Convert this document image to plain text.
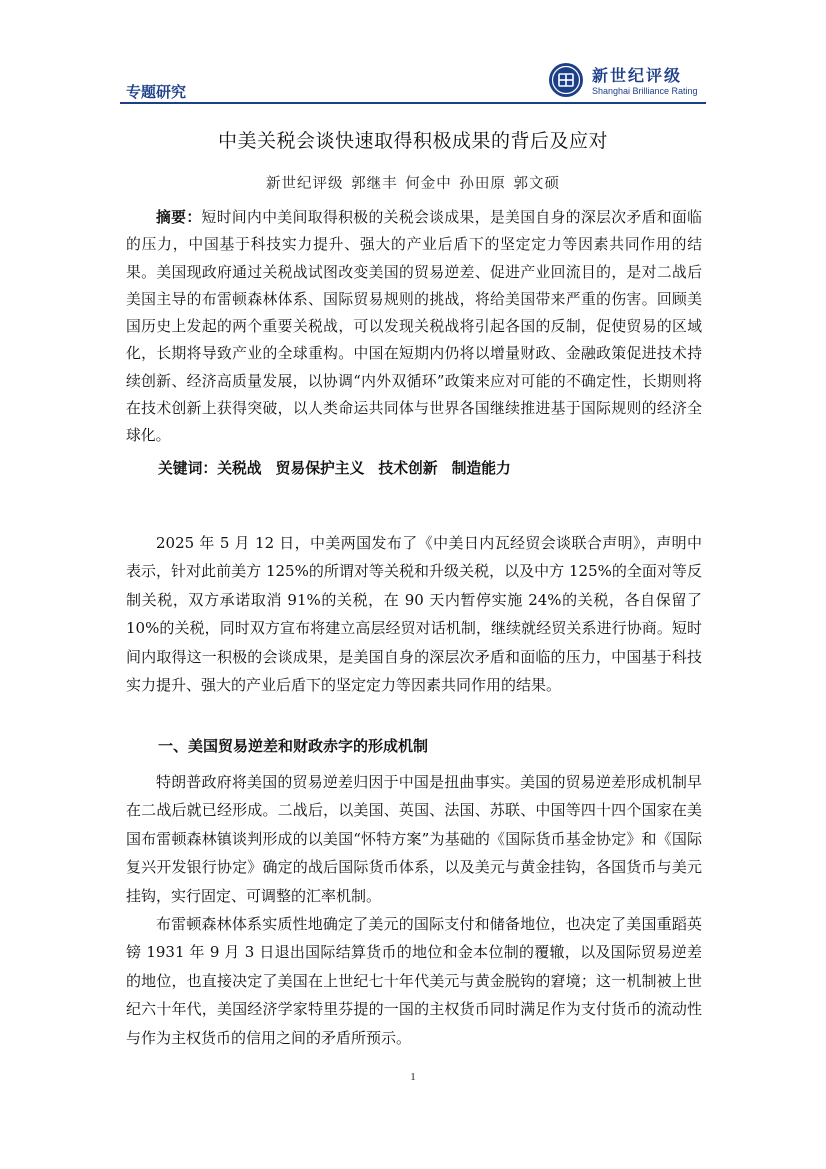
专题研究
新世纪评级
Shanghai Brilliance Rating
中美关税会谈快速取得积极成果的背后及应对
新世纪评级 郭继丰 何金中 孙田原 郭文硕

摘要：短时间内中美间取得积极的关税会谈成果，是美国自身的深层次矛盾和面临的压力，中国基于科技实力提升、强大的产业后盾下的坚定定力等因素共同作用的结果。美国现政府通过关税战试图改变美国的贸易逆差、促进产业回流目的，是对二战后美国主导的布雷顿森林体系、国际贸易规则的挑战，将给美国带来严重的伤害。回顾美国历史上发起的两个重要关税战，可以发现关税战将引起各国的反制，促使贸易的区域化，长期将导致产业的全球重构。中国在短期内仍将以增量财政、金融政策促进技术持续创新、经济高质量发展，以协调“内外双循环”政策来应对可能的不确定性，长期则将在技术创新上获得突破，以人类命运共同体与世界各国继续推进基于国际规则的经济全球化。

关键词：关税战 贸易保护主义 技术创新 制造能力

2025 年 5 月 12 日，中美两国发布了《中美日内瓦经贸会谈联合声明》，声明中表示，针对此前美方 125%的所谓对等关税和升级关税，以及中方 125%的全面对等反制关税，双方承诺取消 91%的关税，在 90 天内暂停实施 24%的关税，各自保留了 10%的关税，同时双方宣布将建立高层经贸对话机制，继续就经贸关系进行协商。短时间内取得这一积极的会谈成果，是美国自身的深层次矛盾和面临的压力，中国基于科技实力提升、强大的产业后盾下的坚定定力等因素共同作用的结果。

一、美国贸易逆差和财政赤字的形成机制

特朗普政府将美国的贸易逆差归因于中国是扭曲事实。美国的贸易逆差形成机制早在二战后就已经形成。二战后，以美国、英国、法国、苏联、中国等四十四个国家在美国布雷顿森林镇谈判形成的以美国“怀特方案”为基础的《国际货币基金协定》和《国际复兴开发银行协定》确定的战后国际货币体系，以及美元与黄金挂钩，各国货币与美元挂钩，实行固定、可调整的汇率机制。

布雷顿森林体系实质性地确定了美元的国际支付和储备地位，也决定了美国重蹈英镑 1931 年 9 月 3 日退出国际结算货币的地位和金本位制的覆辙，以及国际贸易逆差的地位，也直接决定了美国在上世纪七十年代美元与黄金脱钩的窘境；这一机制被上世纪六十年代，美国经济学家特里芬提的一国的主权货币同时满足作为支付货币的流动性与作为主权货币的信用之间的矛盾所预示。

1
